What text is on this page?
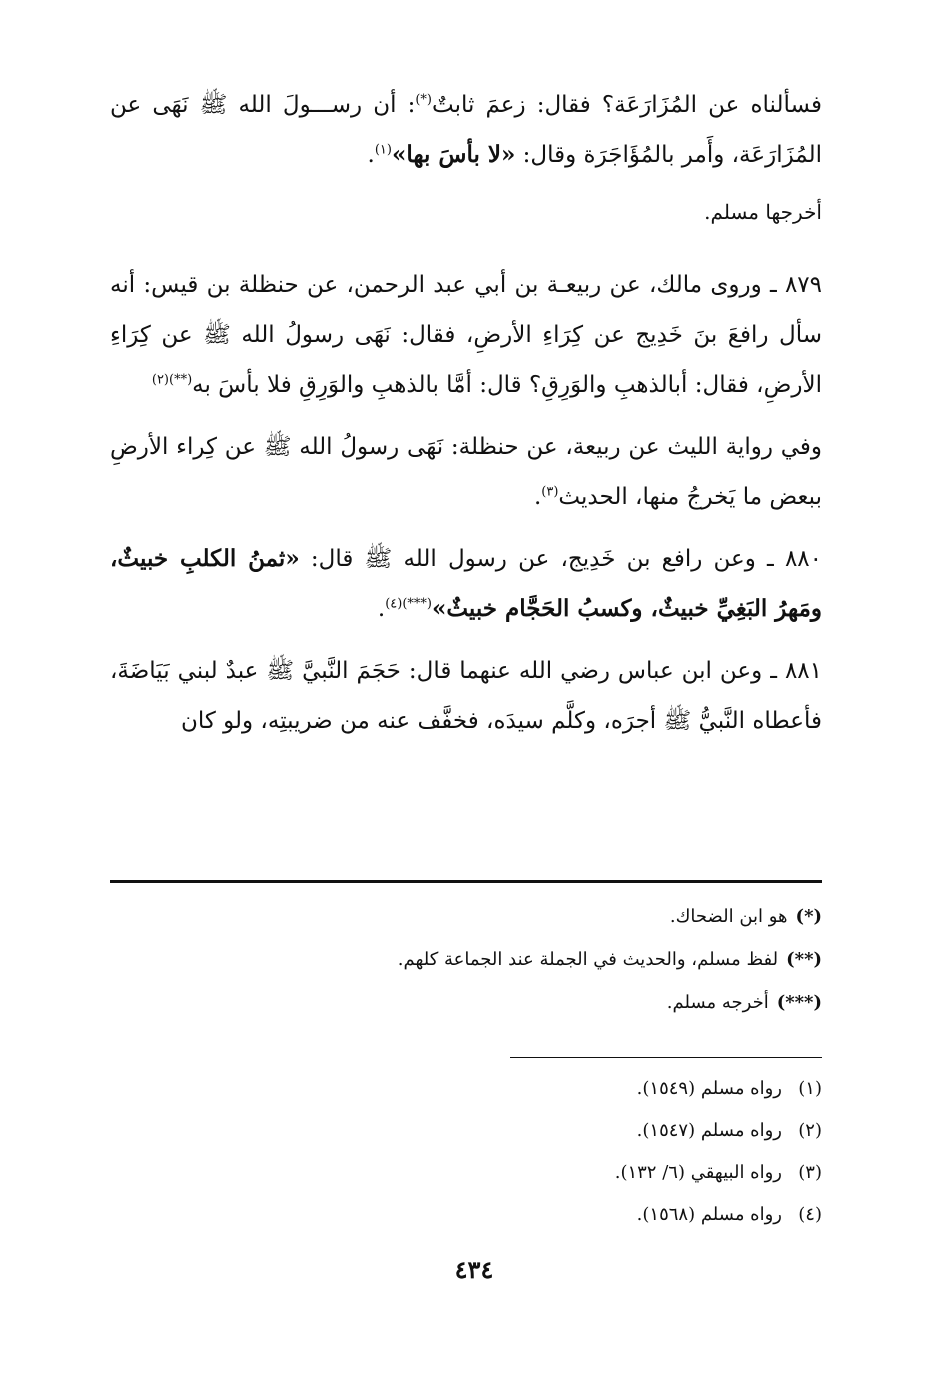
فسألناه عن المُزَارَعَة؟ فقال: زعمَ ثابتٌ(*): أن رســـولَ الله ﷺ نَهَى عن المُزَارَعَة، وأَمر بالمُؤَاجَرَة وقال: «لا بأسَ بها»$^{(١)}$.

أخرجها مسلم.

٨٧٩ ـ وروى مالك، عن ربيعـة بن أبي عبد الرحمن، عن حنظلة بن قيس: أنه سأل رافعَ بنَ خَدِيج عن كِرَاءِ الأرضِ، فقال: نَهَى رسولُ الله ﷺ عن كِرَاءِ الأرضِ، فقال: أبالذهبِ والوَرِقِ؟ قال: أمَّا بالذهبِ والوَرِقِ فلا بأسَ به$^{(**)(٢)}$

وفي رواية الليث عن ربيعة، عن حنظلة: نَهَى رسولُ الله ﷺ عن كِراء الأرضِ ببعض ما يَخرجُ منها، الحديث$^{(٣)}$.

٨٨٠ ـ وعن رافع بن خَدِيج، عن رسول الله ﷺ قال: «ثمنُ الكلبِ خبيثٌ، ومَهرُ البَغِيِّ خبيثٌ، وكسبُ الحَجَّام خبيثٌ»$^{(***)(٤)}$.

٨٨١ ـ وعن ابن عباس رضي الله عنهما قال: حَجَمَ النَّبيَّ ﷺ عبدٌ لبني بَيَاضَةَ، فأعطاه النَّبيُّ ﷺ أجرَه، وكلَّم سيدَه، فخفَّف عنه من ضريبتِه، ولو كان

(*)هو ابن الضحاك.
(**)لفظ مسلم، والحديث في الجملة عند الجماعة كلهم.
(***)أخرجه مسلم.
(١)رواه مسلم (١٥٤٩).
(٢)رواه مسلم (١٥٤٧).
(٣)رواه البيهقي (٦/ ١٣٢).
(٤)رواه مسلم (١٥٦٨).
٤٣٤
